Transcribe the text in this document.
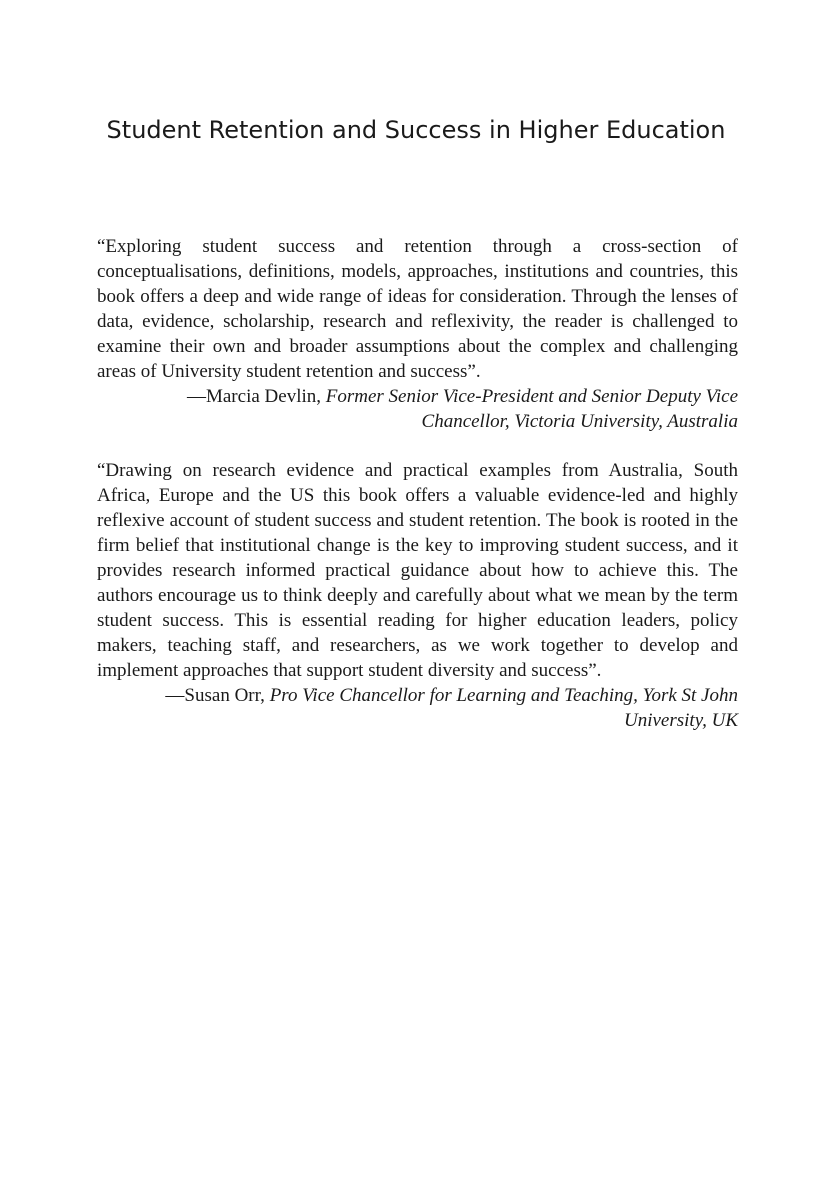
Student Retention and Success in Higher Education

“Exploring student success and retention through a cross-section of conceptualisations, definitions, models, approaches, institutions and countries, this book offers a deep and wide range of ideas for consideration. Through the lenses of data, evidence, scholarship, research and reflexivity, the reader is challenged to examine their own and broader assumptions about the complex and challenging areas of University student retention and success”.

—Marcia Devlin, Former Senior Vice-President and Senior Deputy Vice Chancellor, Victoria University, Australia

“Drawing on research evidence and practical examples from Australia, South Africa, Europe and the US this book offers a valuable evidence-led and highly reflexive account of student success and student retention. The book is rooted in the firm belief that institutional change is the key to improving student success, and it provides research informed practical guidance about how to achieve this. The authors encourage us to think deeply and carefully about what we mean by the term student success. This is essential reading for higher education leaders, policy makers, teaching staff, and researchers, as we work together to develop and implement approaches that support student diversity and success”.

—Susan Orr, Pro Vice Chancellor for Learning and Teaching, York St John University, UK
